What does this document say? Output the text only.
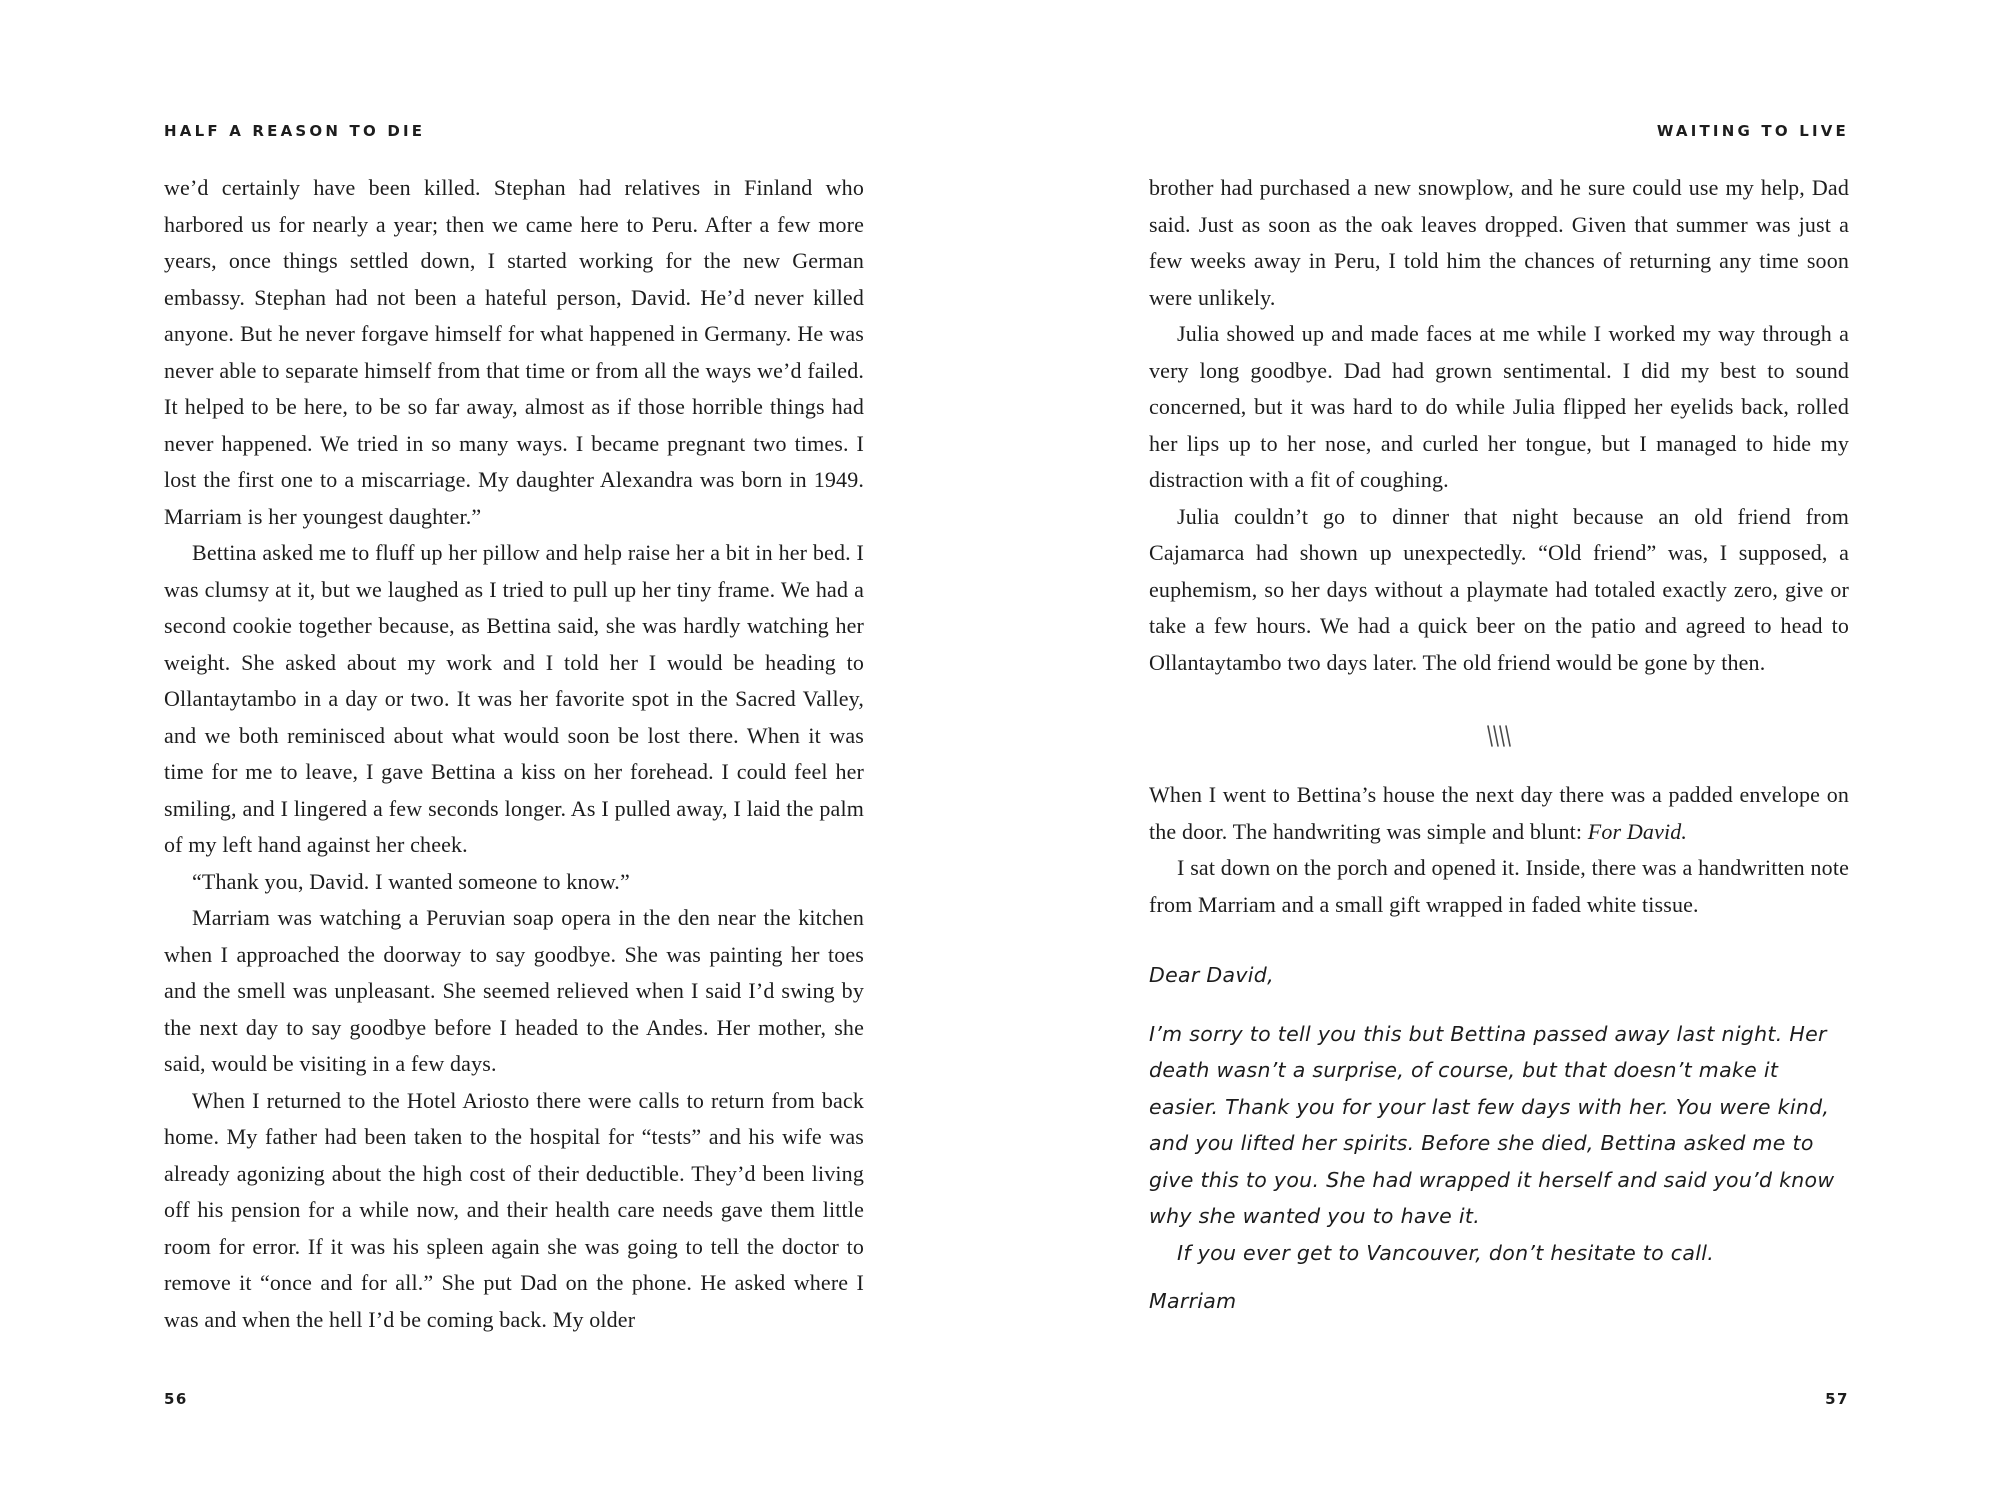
HALF A REASON TO DIE

we’d certainly have been killed. Stephan had relatives in Finland who harbored us for nearly a year; then we came here to Peru. After a few more years, once things settled down, I started working for the new German embassy. Stephan had not been a hateful person, David. He’d never killed anyone. But he never forgave himself for what happened in Germany. He was never able to separate himself from that time or from all the ways we’d failed. It helped to be here, to be so far away, almost as if those horrible things had never happened. We tried in so many ways. I became pregnant two times. I lost the first one to a miscarriage. My daughter Alexandra was born in 1949. Marriam is her youngest daughter.”

Bettina asked me to fluff up her pillow and help raise her a bit in her bed. I was clumsy at it, but we laughed as I tried to pull up her tiny frame. We had a second cookie together because, as Bettina said, she was hardly watching her weight. She asked about my work and I told her I would be heading to Ollantaytambo in a day or two. It was her favorite spot in the Sacred Valley, and we both reminisced about what would soon be lost there. When it was time for me to leave, I gave Bettina a kiss on her forehead. I could feel her smiling, and I lingered a few seconds longer. As I pulled away, I laid the palm of my left hand against her cheek.

“Thank you, David. I wanted someone to know.”

Marriam was watching a Peruvian soap opera in the den near the kitchen when I approached the doorway to say goodbye. She was painting her toes and the smell was unpleasant. She seemed relieved when I said I’d swing by the next day to say goodbye before I headed to the Andes. Her mother, she said, would be visiting in a few days.

When I returned to the Hotel Ariosto there were calls to return from back home. My father had been taken to the hospital for “tests” and his wife was already agonizing about the high cost of their deductible. They’d been living off his pension for a while now, and their health care needs gave them little room for error. If it was his spleen again she was going to tell the doctor to remove it “once and for all.” She put Dad on the phone. He asked where I was and when the hell I’d be coming back. My older

56
WAITING TO LIVE

brother had purchased a new snowplow, and he sure could use my help, Dad said. Just as soon as the oak leaves dropped. Given that summer was just a few weeks away in Peru, I told him the chances of returning any time soon were unlikely.

Julia showed up and made faces at me while I worked my way through a very long goodbye. Dad had grown sentimental. I did my best to sound concerned, but it was hard to do while Julia flipped her eyelids back, rolled her lips up to her nose, and curled her tongue, but I managed to hide my distraction with a fit of coughing.

Julia couldn’t go to dinner that night because an old friend from Cajamarca had shown up unexpectedly. “Old friend” was, I supposed, a euphemism, so her days without a playmate had totaled exactly zero, give or take a few hours. We had a quick beer on the patio and agreed to head to Ollantaytambo two days later. The old friend would be gone by then.

When I went to Bettina’s house the next day there was a padded envelope on the door. The handwriting was simple and blunt: For David.

I sat down on the porch and opened it. Inside, there was a handwritten note from Marriam and a small gift wrapped in faded white tissue.

Dear David,

I’m sorry to tell you this but Bettina passed away last night. Her death wasn’t a surprise, of course, but that doesn’t make it easier. Thank you for your last few days with her. You were kind, and you lifted her spirits. Before she died, Bettina asked me to give this to you. She had wrapped it herself and said you’d know why she wanted you to have it.

If you ever get to Vancouver, don’t hesitate to call.

Marriam

57
